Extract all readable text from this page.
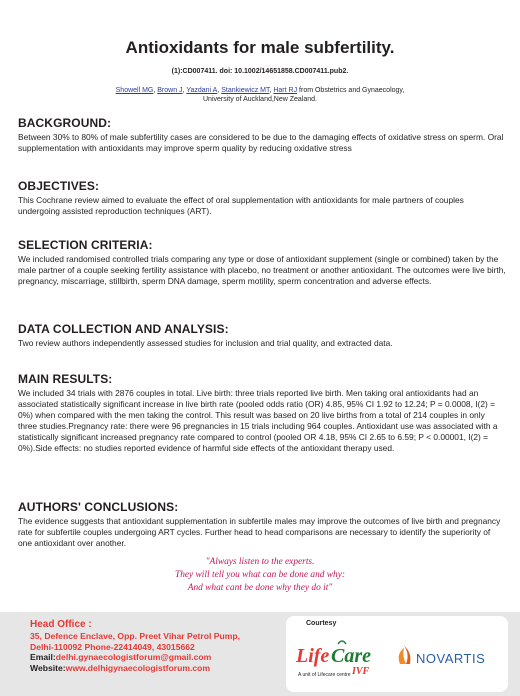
Antioxidants for male subfertility.
(1):CD007411. doi: 10.1002/14651858.CD007411.pub2.
Showell MG, Brown J, Yazdani A, Stankiewicz MT, Hart RJ from Obstetrics and Gynaecology,
University of Auckland,New Zealand.
BACKGROUND:

Between 30% to 80% of male subfertility cases are considered to be due to the damaging effects of oxidative stress on sperm. Oral supplementation with antioxidants may improve sperm quality by reducing oxidative stress

OBJECTIVES:

This Cochrane review aimed to evaluate the effect of oral supplementation with antioxidants for male partners of couples undergoing assisted reproduction techniques (ART).

SELECTION CRITERIA:

We included randomised controlled trials comparing any type or dose of antioxidant supplement (single or combined) taken by the male partner of a couple seeking fertility assistance with placebo, no treatment or another antioxidant. The outcomes were live birth, pregnancy, miscarriage, stillbirth, sperm DNA damage, sperm motility, sperm concentration and adverse effects.

DATA COLLECTION AND ANALYSIS:

Two review authors independently assessed studies for inclusion and trial quality, and extracted data.

MAIN RESULTS:

We included 34 trials with 2876 couples in total. Live birth: three trials reported live birth. Men taking oral antioxidants had an associated statistically significant increase in live birth rate (pooled odds ratio (OR) 4.85, 95% CI 1.92 to 12.24; P = 0.0008, I(2) = 0%) when compared with the men taking the control. This result was based on 20 live births from a total of 214 couples in only three studies.Pregnancy rate: there were 96 pregnancies in 15 trials including 964 couples. Antioxidant use was associated with a statistically significant increased pregnancy rate compared to control (pooled OR 4.18, 95% CI 2.65 to 6.59; P < 0.00001, I(2) = 0%).Side effects: no studies reported evidence of harmful side effects of the antioxidant therapy used.

AUTHORS' CONCLUSIONS:

The evidence suggests that antioxidant supplementation in subfertile males may improve the outcomes of live birth and pregnancy rate for subfertile couples undergoing ART cycles. Further head to head comparisons are necessary to identify the superiority of one antioxidant over another.

"Always listen to the experts.
They will tell you what can be done and why:
And what cant be done why they do it"
Head Office :
35, Defence Enclave, Opp. Preet Vihar Petrol Pump,
Delhi-110092 Phone-22414049, 43015662
Email:delhi.gynaecologistforum@gmail.com
Website:www.delhigynaecologistforum.com
Courtesy
Life Care
IVF
A unit of Lifecare centre
NOVARTIS
